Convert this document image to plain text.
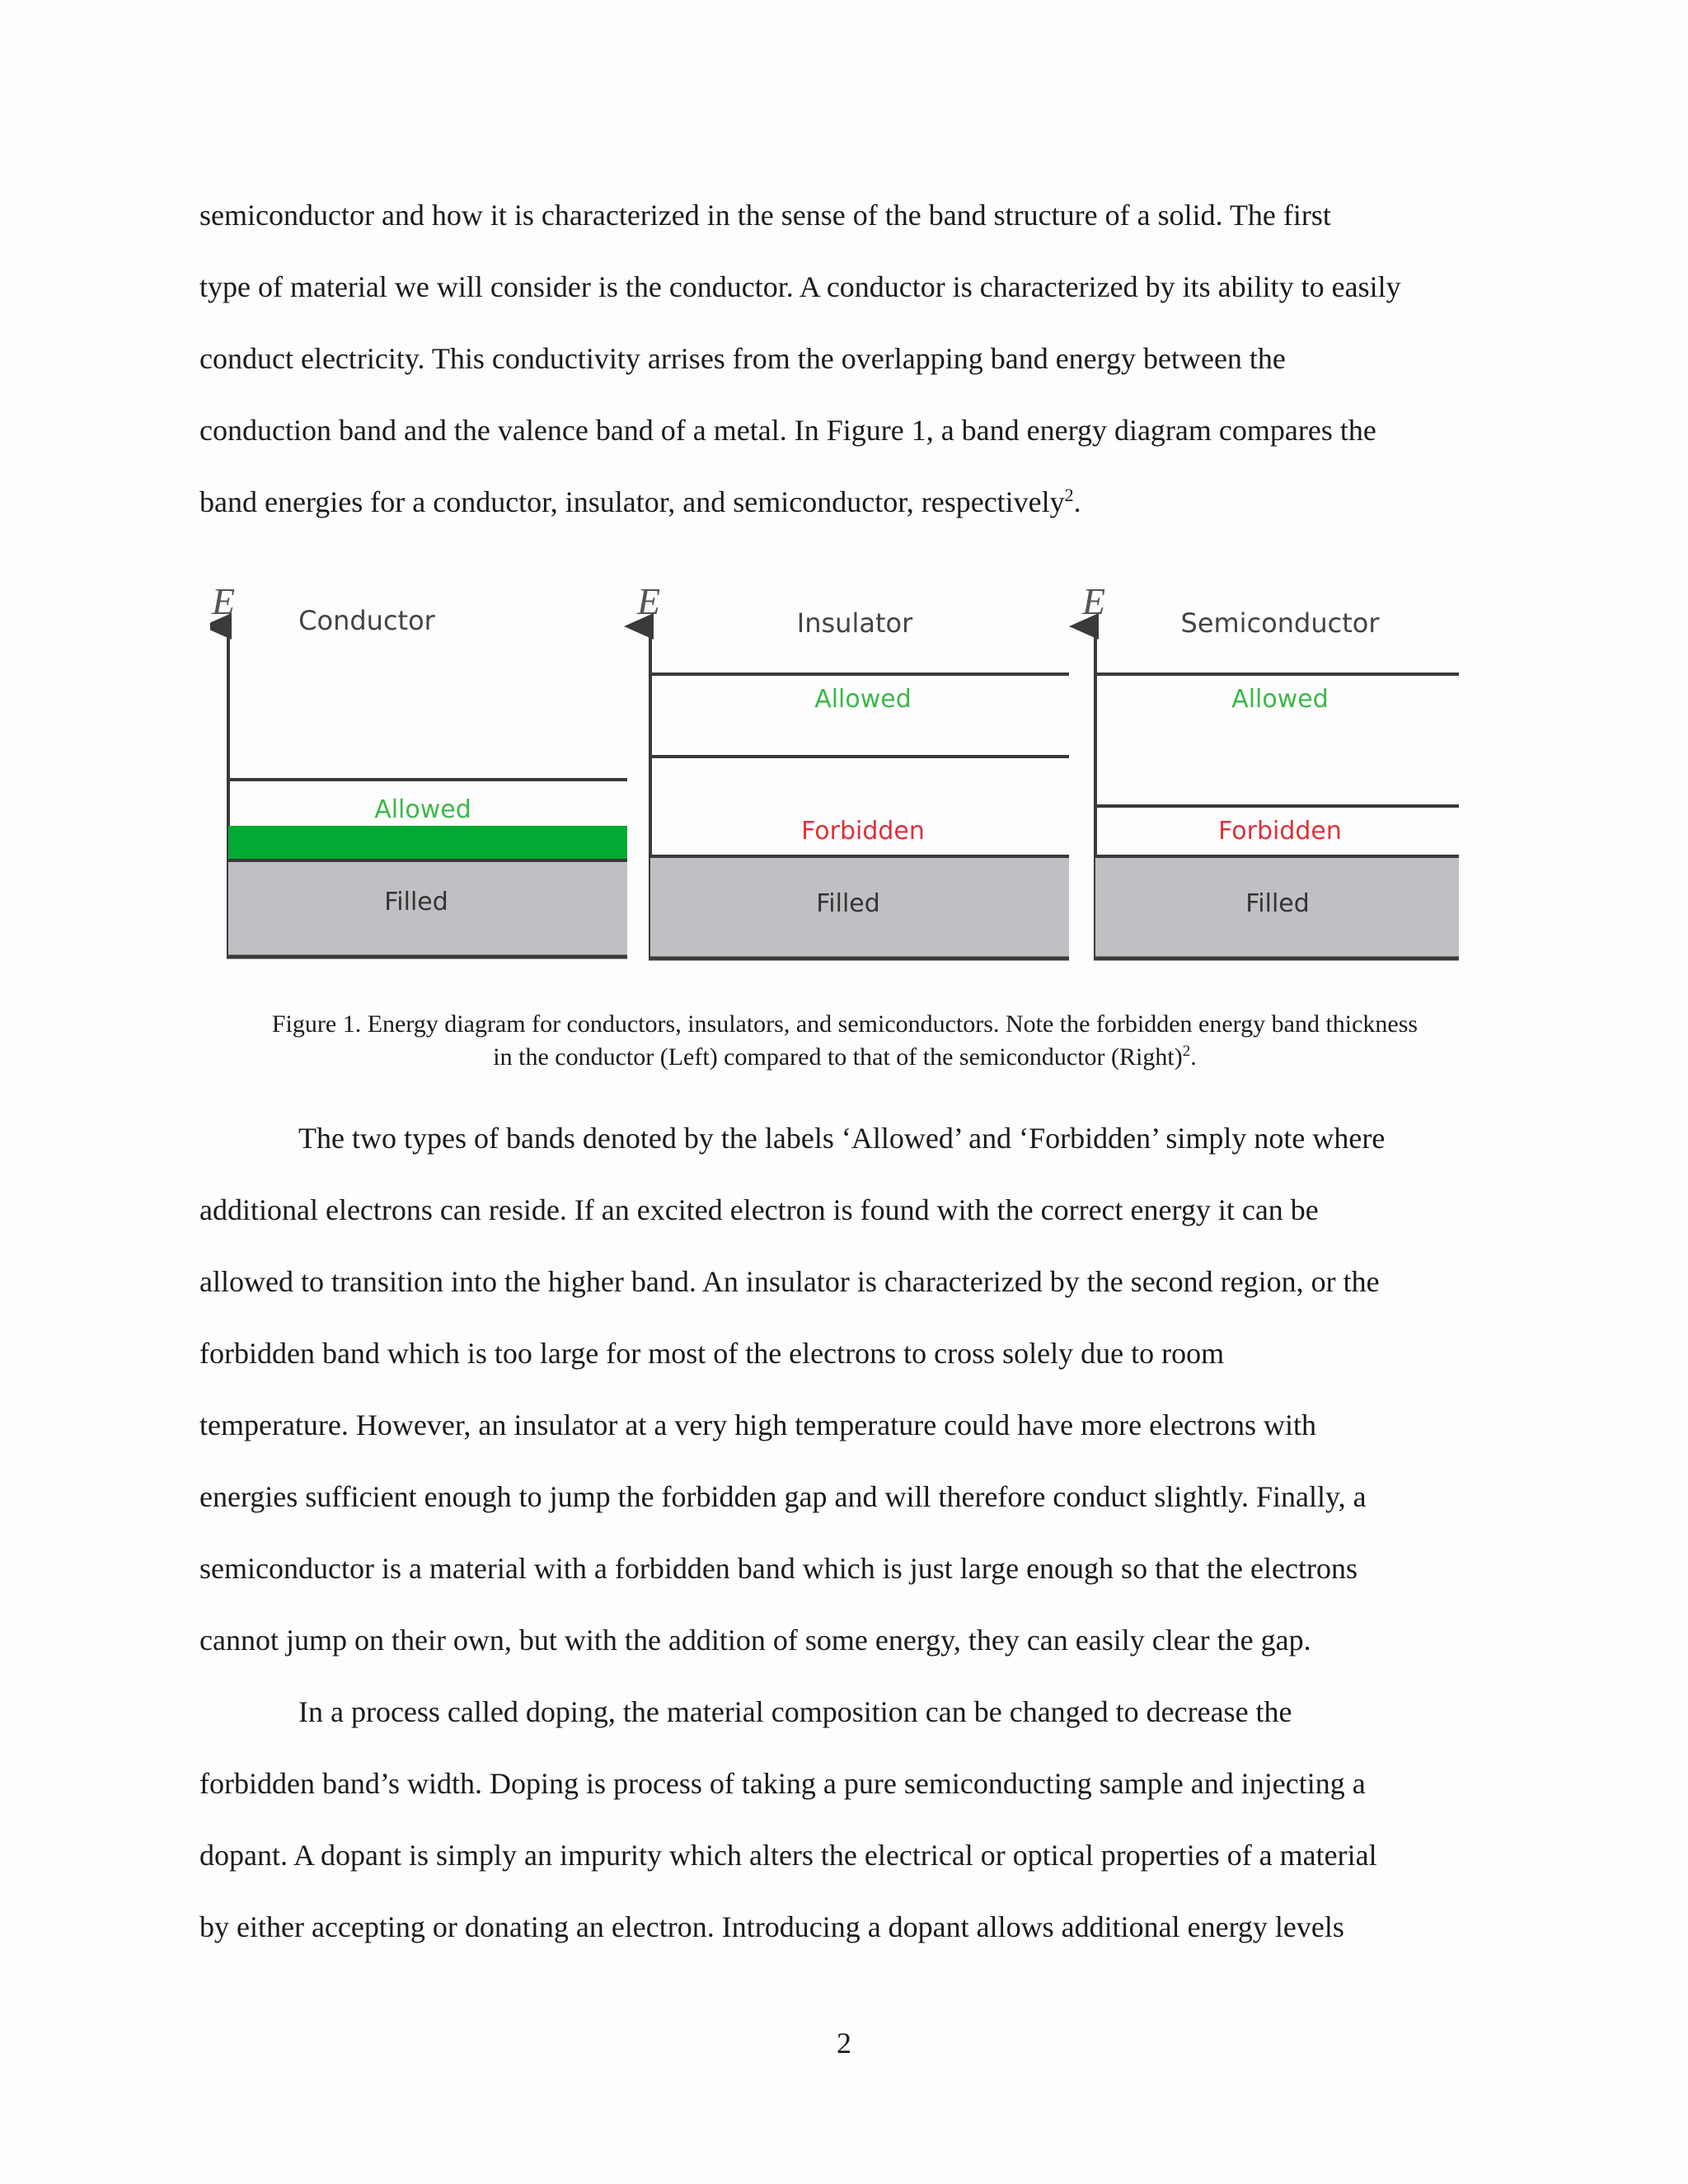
semiconductor and how it is characterized in the sense of the band structure of a solid. The first
type of material we will consider is the conductor. A conductor is characterized by its ability to easily
conduct electricity. This conductivity arrises from the overlapping band energy between the
conduction band and the valence band of a metal. In Figure 1, a band energy diagram compares the
band energies for a conductor, insulator, and semiconductor, respectively$^2$.

E Conductor
Allowed
Filled
E
Insulator
Allowed
Forbidden
Filled
E
Semiconductor
Allowed
Forbidden
Filled

Figure 1. Energy diagram for conductors, insulators, and semiconductors. Note the forbidden energy band thickness
in the conductor (Left) compared to that of the semiconductor (Right)$^2$.

The two types of bands denoted by the labels ‘Allowed’ and ‘Forbidden’ simply note where
additional electrons can reside. If an excited electron is found with the correct energy it can be
allowed to transition into the higher band. An insulator is characterized by the second region, or the
forbidden band which is too large for most of the electrons to cross solely due to room
temperature. However, an insulator at a very high temperature could have more electrons with
energies sufficient enough to jump the forbidden gap and will therefore conduct slightly. Finally, a
semiconductor is a material with a forbidden band which is just large enough so that the electrons
cannot jump on their own, but with the addition of some energy, they can easily clear the gap.

In a process called doping, the material composition can be changed to decrease the
forbidden band’s width. Doping is process of taking a pure semiconducting sample and injecting a
dopant. A dopant is simply an impurity which alters the electrical or optical properties of a material
by either accepting or donating an electron. Introducing a dopant allows additional energy levels

2
